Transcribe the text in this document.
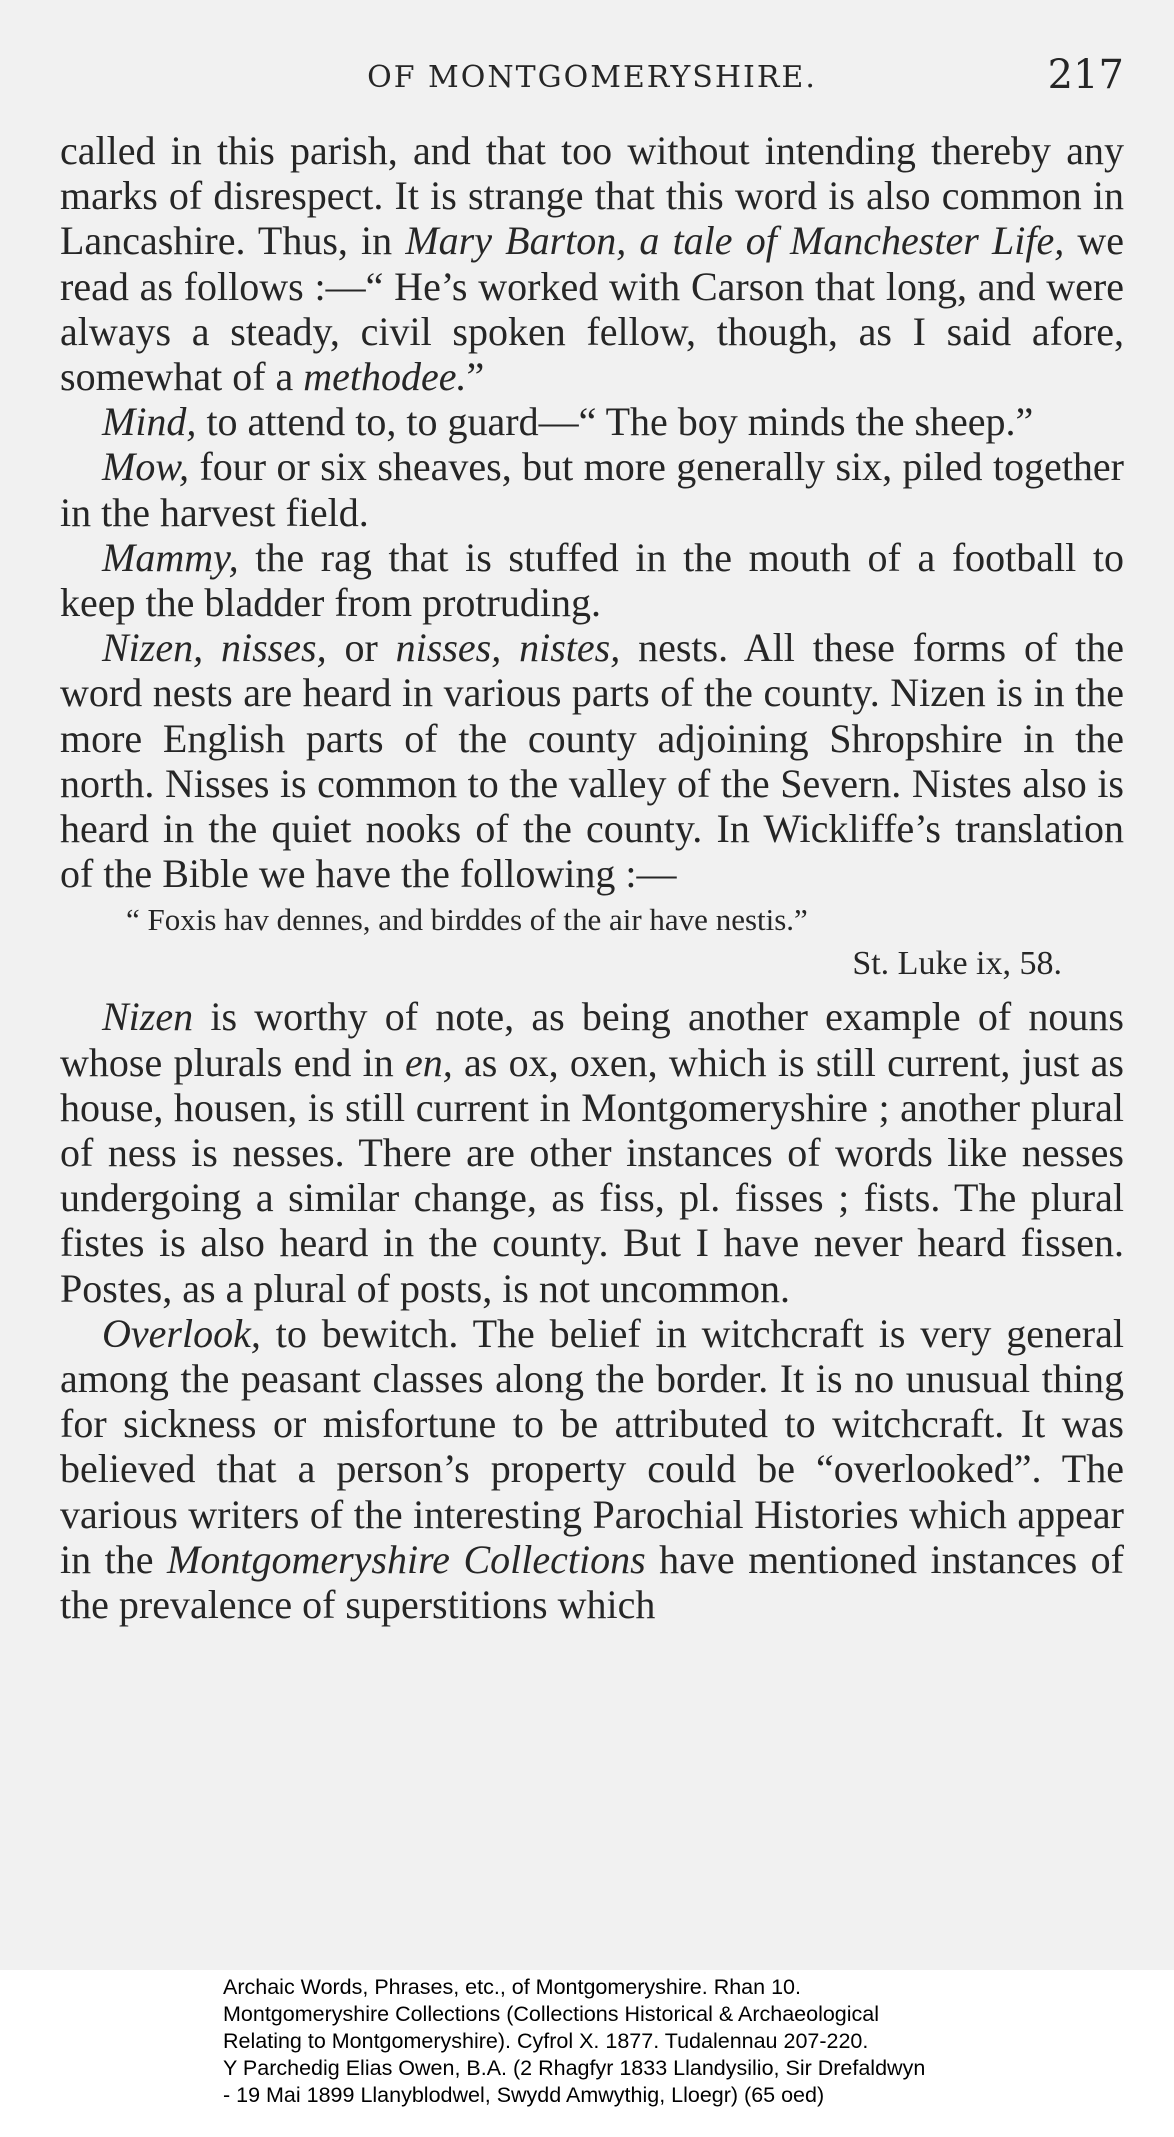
OF MONTGOMERYSHIRE.	217

called in this parish, and that too without intending thereby any marks of disrespect. It is strange that this word is also common in Lancashire. Thus, in Mary Barton, a tale of Manchester Life, we read as follows :—“ He’s worked with Carson that long, and were always a steady, civil spoken fellow, though, as I said afore, somewhat of a methodee.”

Mind, to attend to, to guard—“ The boy minds the sheep.”

Mow, four or six sheaves, but more generally six, piled together in the harvest field.

Mammy, the rag that is stuffed in the mouth of a football to keep the bladder from protruding.

Nizen, nisses, or nisses, nistes, nests. All these forms of the word nests are heard in various parts of the county. Nizen is in the more English parts of the county adjoining Shropshire in the north. Nisses is common to the valley of the Severn. Nistes also is heard in the quiet nooks of the county. In Wickliffe’s translation of the Bible we have the following :—

“ Foxis hav dennes, and birddes of the air have nestis.”

St. Luke ix, 58.

Nizen is worthy of note, as being another example of nouns whose plurals end in en, as ox, oxen, which is still current, just as house, housen, is still current in Montgomeryshire ; another plural of ness is nesses. There are other instances of words like nesses undergoing a similar change, as fiss, pl. fisses ; fists. The plural fistes is also heard in the county. But I have never heard fissen. Postes, as a plural of posts, is not uncommon.

Overlook, to bewitch. The belief in witchcraft is very general among the peasant classes along the border. It is no unusual thing for sickness or misfortune to be attributed to witchcraft. It was believed that a person’s property could be “overlooked”. The various writers of the interesting Parochial Histories which appear in the Montgomeryshire Collections have mentioned instances of the prevalence of superstitions which

Archaic Words, Phrases, etc., of Montgomeryshire. Rhan 10.
Montgomeryshire Collections (Collections Historical & Archaeological
Relating to Montgomeryshire). Cyfrol X. 1877. Tudalennau 207-220.
Y Parchedig Elias Owen, B.A. (2 Rhagfyr 1833 Llandysilio, Sir Drefaldwyn
- 19 Mai 1899 Llanyblodwel, Swydd Amwythig, Lloegr) (65 oed)
